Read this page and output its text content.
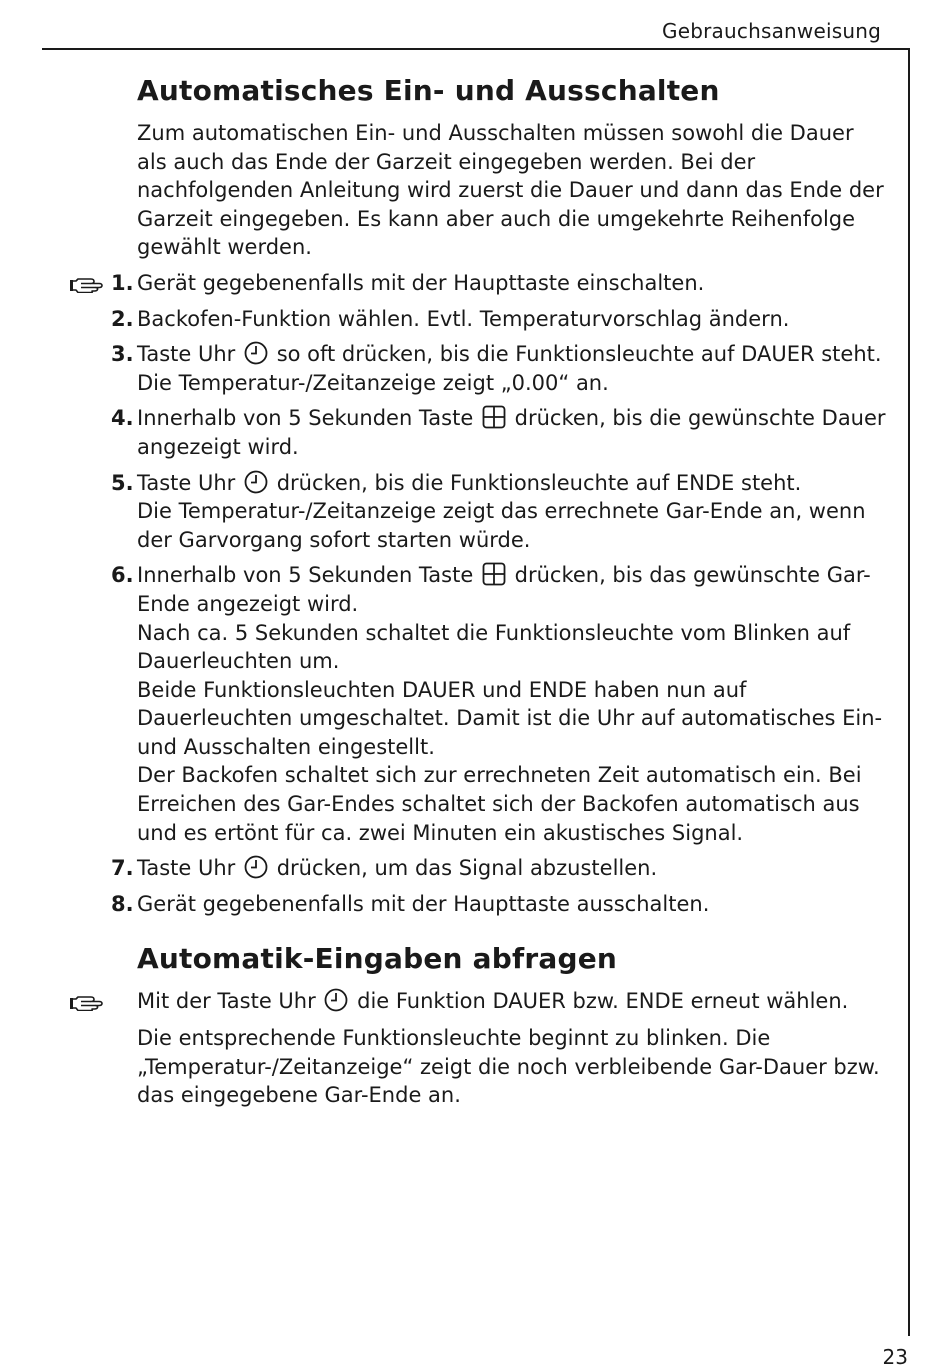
Gebrauchsanweisung
Automatisches Ein- und Ausschalten

Zum automatischen Ein- und Ausschalten müssen sowohl die Dauer als auch das Ende der Garzeit eingegeben werden. Bei der nachfolgenden Anleitung wird zuerst die Dauer und dann das Ende der Garzeit eingegeben. Es kann aber auch die umgekehrte Reihenfolge gewählt werden.

1. Gerät gegebenenfalls mit der Haupttaste einschalten.
2. Backofen-Funktion wählen. Evtl. Temperaturvorschlag ändern.
3. Taste Uhr so oft drücken, bis die Funktionsleuchte auf DAUER steht.

Die Temperatur-/Zeitanzeige zeigt „0.00“ an.

4. Innerhalb von 5 Sekunden Taste drücken, bis die gewünschte Dauer angezeigt wird.

5. Taste Uhr drücken, bis die Funktionsleuchte auf ENDE steht.

Die Temperatur-/Zeitanzeige zeigt das errechnete Gar-Ende an, wenn der Garvorgang sofort starten würde.

6. Innerhalb von 5 Sekunden Taste drücken, bis das gewünschte Gar-Ende angezeigt wird.

Nach ca. 5 Sekunden schaltet die Funktionsleuchte vom Blinken auf Dauerleuchten um.

Beide Funktionsleuchten DAUER und ENDE haben nun auf Dauerleuchten umgeschaltet. Damit ist die Uhr auf automatisches Ein- und Ausschalten eingestellt.

Der Backofen schaltet sich zur errechneten Zeit automatisch ein. Bei Erreichen des Gar-Endes schaltet sich der Backofen automatisch aus und es ertönt für ca. zwei Minuten ein akustisches Signal.

7. Taste Uhr drücken, um das Signal abzustellen.

8. Gerät gegebenenfalls mit der Haupttaste ausschalten.
Automatik-Eingaben abfragen

Mit der Taste Uhr die Funktion DAUER bzw. ENDE erneut wählen.

Die entsprechende Funktionsleuchte beginnt zu blinken. Die „Temperatur-/Zeitanzeige“ zeigt die noch verbleibende Gar-Dauer bzw. das eingegebene Gar-Ende an.

23
